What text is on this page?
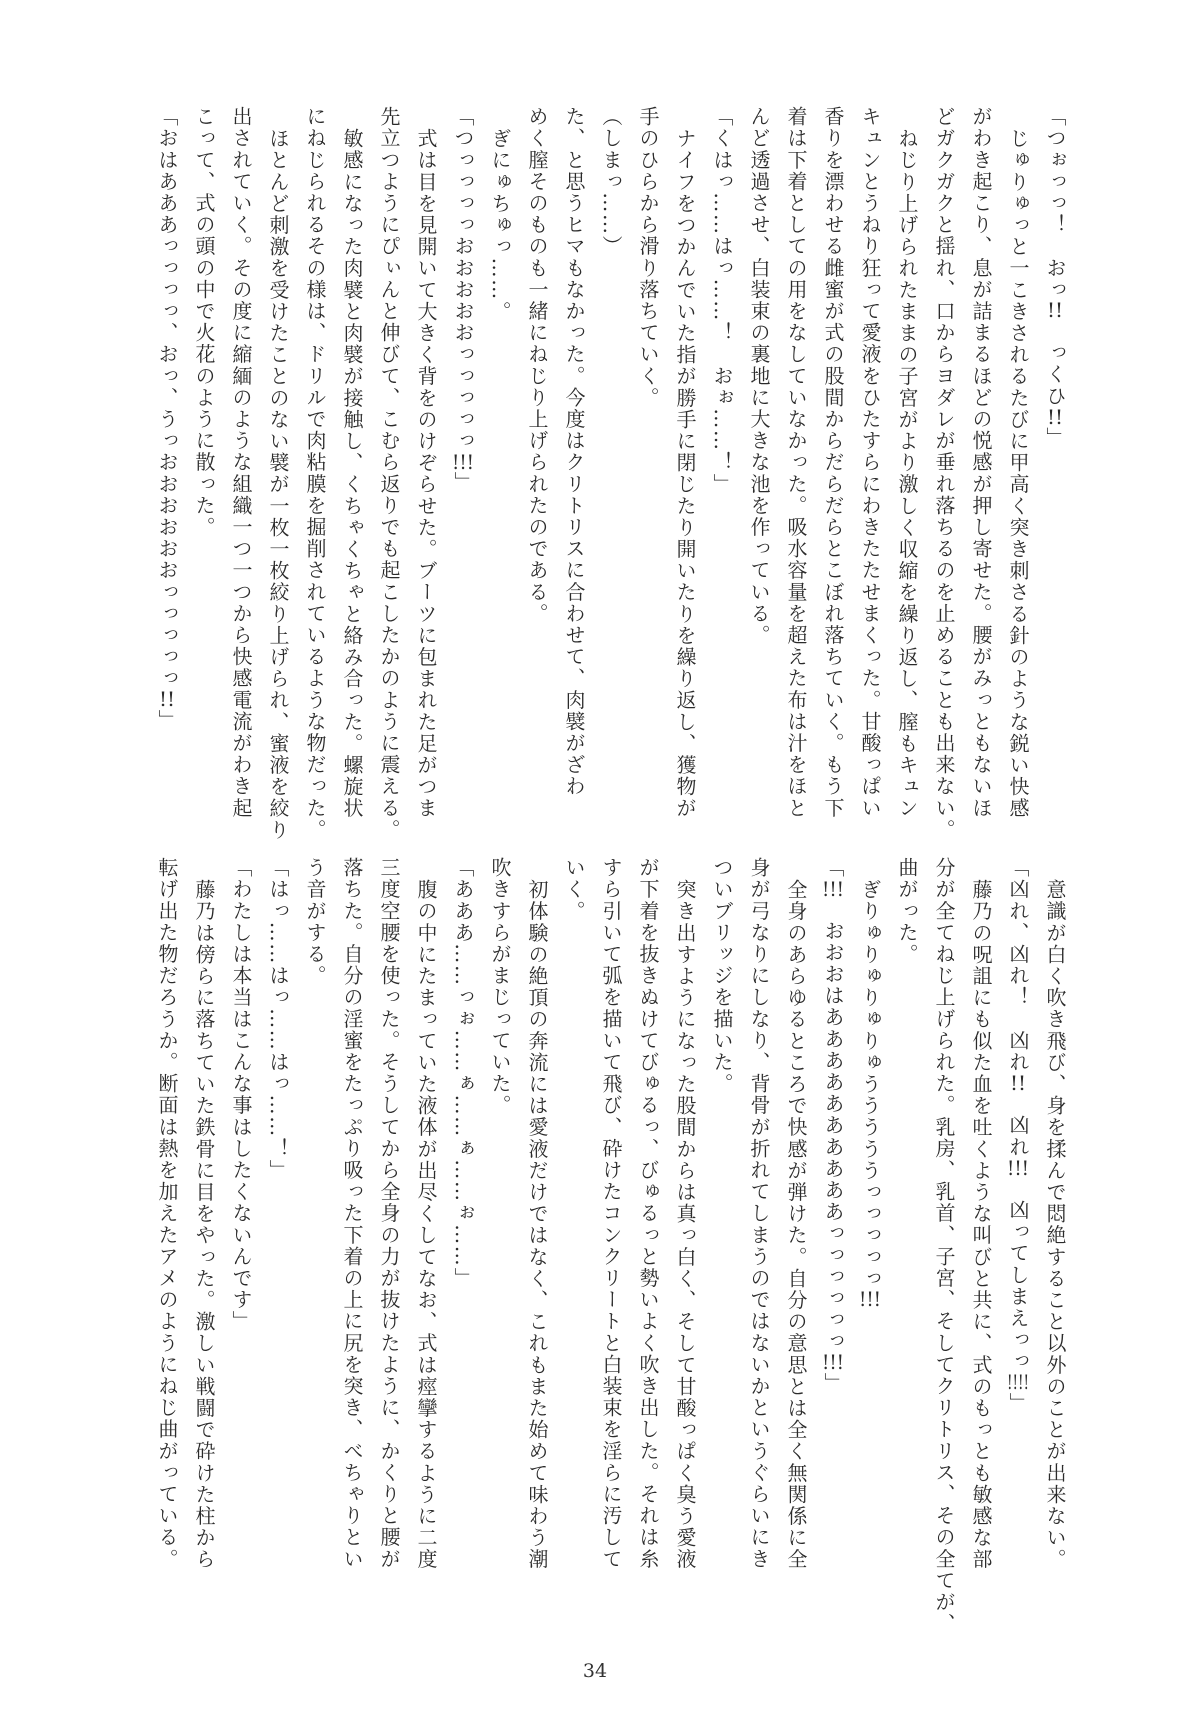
「つぉっっ！　おっ!!　っくひ!!」
じゅりゅっと一こきされるたびに甲高く突き刺さる針のような鋭い快感
がわき起こり、息が詰まるほどの悦感が押し寄せた。腰がみっともないほ
どガクガクと揺れ、口からヨダレが垂れ落ちるのを止めることも出来ない。
ねじり上げられたままの子宮がより激しく収縮を繰り返し、膣もキュン
キュンとうねり狂って愛液をひたすらにわきたたせまくった。甘酸っぱい
香りを漂わせる雌蜜が式の股間からだらだらとこぼれ落ちていく。もう下
着は下着としての用をなしていなかった。吸水容量を超えた布は汁をほと
んど透過させ、白装束の裏地に大きな池を作っている。
「くはっ……はっ……！　おぉ……！」
ナイフをつかんでいた指が勝手に閉じたり開いたりを繰り返し、獲物が
手のひらから滑り落ちていく。
（しまっ……）
た、と思うヒマもなかった。今度はクリトリスに合わせて、肉襞がざわ
めく膣そのものも一緒にねじり上げられたのである。
ぎにゅちゅっ……。
「つっっっっおおおおおっっっっっ!!!」
式は目を見開いて大きく背をのけぞらせた。ブーツに包まれた足がつま
先立つようにぴぃんと伸びて、こむら返りでも起こしたかのように震える。
敏感になった肉襞と肉襞が接触し、くちゃくちゃと絡み合った。螺旋状
にねじられるその様は、ドリルで肉粘膜を掘削されているような物だった。
ほとんど刺激を受けたことのない襞が一枚一枚絞り上げられ、蜜液を絞り
出されていく。その度に縮緬のような組織一つ一つから快感電流がわき起
こって、式の頭の中で火花のように散った。
「おはあああっっっっ、おっ、うっおおおおおおっっっっっ!!」
意識が白く吹き飛び、身を揉んで悶絶すること以外のことが出来ない。
「凶れ、凶れ！　凶れ!!　凶れ!!!　凶ってしまえっっ!!!!」
藤乃の呪詛にも似た血を吐くような叫びと共に、式のもっとも敏感な部
分が全てねじ上げられた。乳房、乳首、子宮、そしてクリトリス、その全てが、
曲がった。
ぎりゅりゅりゅりゅうううううっっっっっ!!!
「!!!　おおおはああああああああああっっっっっっ!!!」
全身のあらゆるところで快感が弾けた。自分の意思とは全く無関係に全
身が弓なりにしなり、背骨が折れてしまうのではないかというぐらいにき
ついブリッジを描いた。
突き出すようになった股間からは真っ白く、そして甘酸っぱく臭う愛液
が下着を抜きぬけてびゅるっ、びゅるっと勢いよく吹き出した。それは糸
すら引いて弧を描いて飛び、砕けたコンクリートと白装束を淫らに汚して
いく。
初体験の絶頂の奔流には愛液だけではなく、これもまた始めて味わう潮
吹きすらがまじっていた。
「あああ……っぉ……ぁ……ぁ……ぉ……」
腹の中にたまっていた液体が出尽くしてなお、式は痙攣するように二度
三度空腰を使った。そうしてから全身の力が抜けたように、かくりと腰が
落ちた。自分の淫蜜をたっぷり吸った下着の上に尻を突き、べちゃりとい
う音がする。
「はっ……はっ……はっ……！」
「わたしは本当はこんな事はしたくないんです」
藤乃は傍らに落ちていた鉄骨に目をやった。激しい戦闘で砕けた柱から
転げ出た物だろうか。断面は熱を加えたアメのようにねじ曲がっている。
34
